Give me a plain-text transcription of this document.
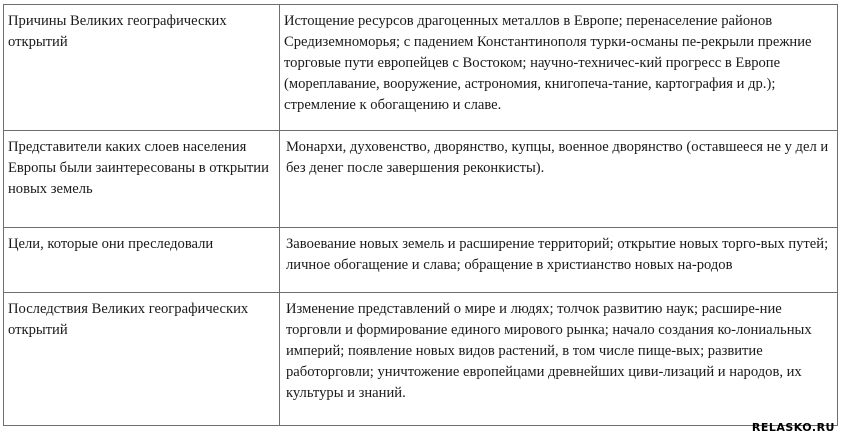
Причины Великих географических открытий	Истощение ресурсов драгоценных металлов в Европе; перенаселение районов Средиземноморья; с падением Константинополя турки-османы пе-рекрыли прежние торговые пути европейцев с Востоком; научно-техничес-кий прогресс в Европе (мореплавание, вооружение, астрономия, книгопеча-тание, картография и др.); стремление к обогащению и славе.
Представители каких слоев населения Европы были заинтересованы в открытии новых земель	Монархи, духовенство, дворянство, купцы, военное дворянство (оставшееся не у дел и без денег после завершения реконкисты).
Цели, которые они преследовали	Завоевание новых земель и расширение территорий; открытие новых торго-вых путей; личное обогащение и слава; обращение в христианство новых на-родов
Последствия Великих географических открытий	Изменение представлений о мире и людях; толчок развитию наук; расширe-ние торговли и формирование единого мирового рынка; начало создания ко-лониальных империй; появление новых видов растений, в том числе пище-вых; развитие работорговли; уничтожение европейцами древнейших циви-лизаций и народов, их культуры и знаний.
RELASKO.RU
